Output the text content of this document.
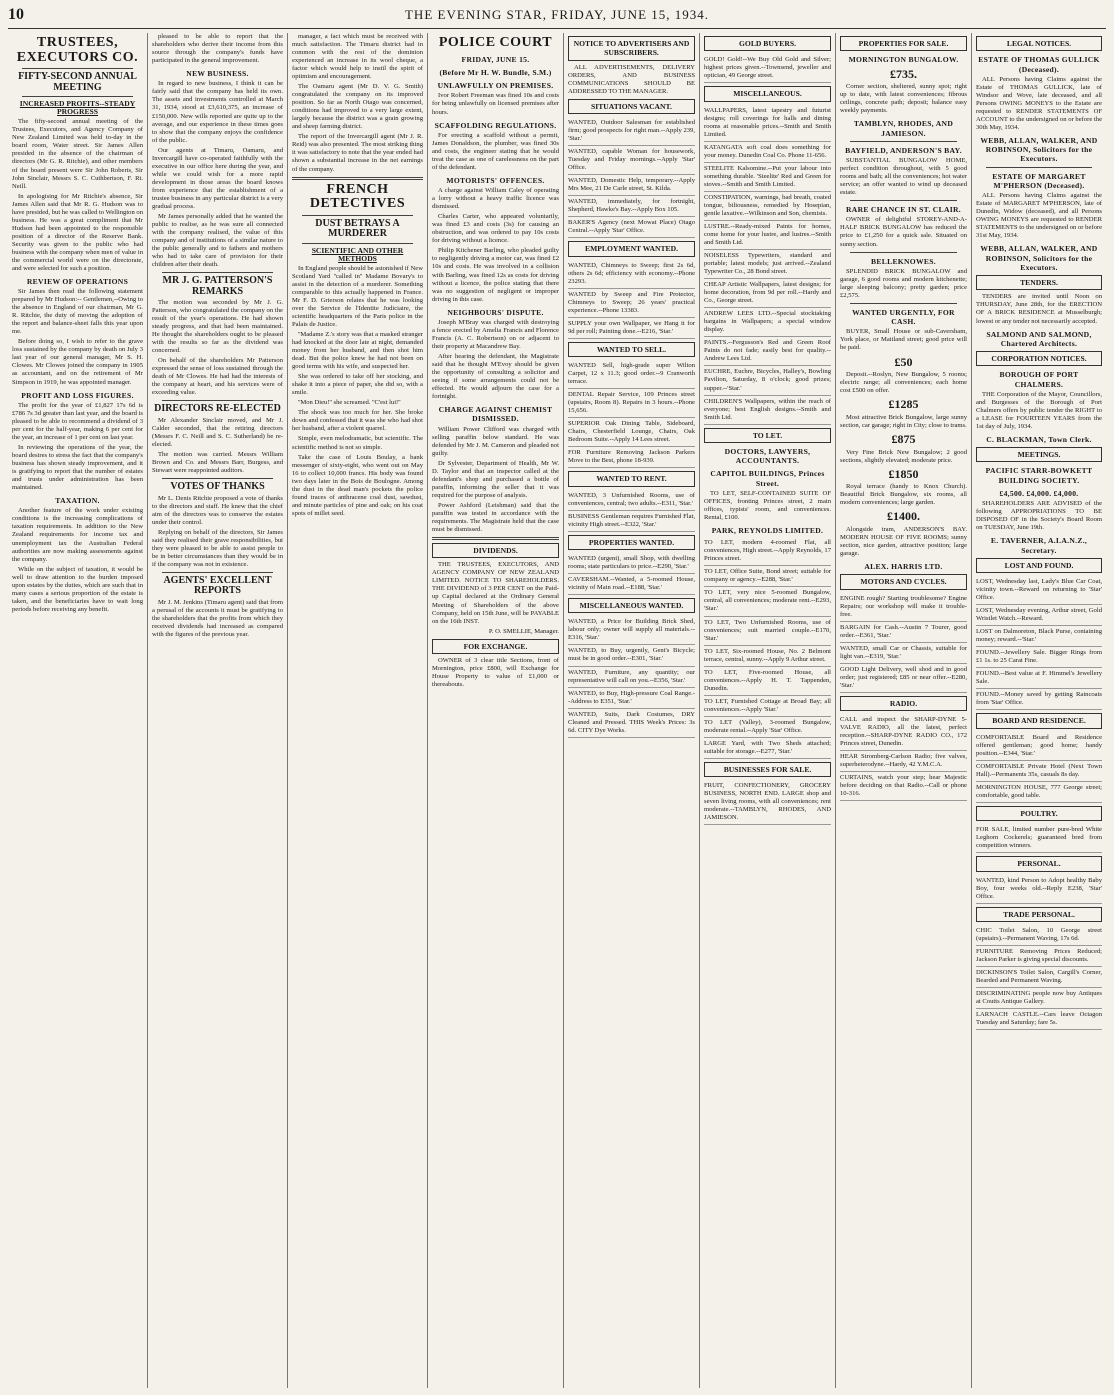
10	THE EVENING STAR, FRIDAY, JUNE 15, 1934.
TRUSTEES, EXECUTORS CO.
FIFTY-SECOND ANNUAL MEETING
INCREASED PROFITS--STEADY PROGRESS

The fifty-second annual meeting of the Trustees, Executors, and Agency Company of New Zealand Limited was held to-day in the board room, Water street. Sir James Allen presided in the absence of the chairman of directors (Mr G. R. Ritchie), and other members of the board present were Sir John Roberts, Sir John Sinclair, Messrs S. C. Cuthbertson, F. Rt. Neill.

In apologising for Mr Ritchie's absence, Sir James Allen said that Mr R. G. Hudson was to have presided, but he was called to Wellington on business. He was a great compliment that Mr Hudson had been appointed to the responsible position of a director of the Reserve Bank. Security was given to the public who had business with the company when men of value in the commercial world were on the directorate, and were selected for such a position.

REVIEW OF OPERATIONS

Sir James then read the following statement prepared by Mr Hudson:-- Gentlemen,--Owing to the absence in England of our chairman, Mr G. R. Ritchie, the duty of moving the adoption of the report and balance-sheet falls this year upon me.

Before doing so, I wish to refer to the grave loss sustained by the company by death on July 3 last year of our general manager, Mr S. H. Clowes. Mr Clowes joined the company in 1905 as accountant, and on the retirement of Mr Simpson in 1919, he was appointed manager.

PROFIT AND LOSS FIGURES.

The profit for the year of £1,827 17s 6d is £786 7s 3d greater than last year, and the board is pleased to be able to recommend a dividend of 3 per cent for the half-year, making 6 per cent for the year, an increase of 1 per cent on last year.

In reviewing the operations of the year, the board desires to stress the fact that the company's business has shown steady improvement, and it is gratifying to report that the number of estates and trusts under administration has been maintained.

TAXATION.

Another feature of the work under existing conditions is the increasing complications of taxation requirements. In addition to the New Zealand requirements for income tax and unemployment tax the Australian Federal authorities are now making assessments against the company.

While on the subject of taxation, it would be well to draw attention to the burden imposed upon estates by the duties, which are such that in many cases a serious proportion of the estate is taken, and the beneficiaries have to wait long periods before receiving any benefit.

pleased to be able to report that the shareholders who derive their income from this source through the company's funds have participated in the general improvement.

NEW BUSINESS.

In regard to new business, I think it can be fairly said that the company has held its own. The assets and investments controlled at March 31, 1934, stood at £3,610,375, an increase of £150,000. New wills reported are quite up to the average, and our experience in these times goes to show that the company enjoys the confidence of the public.

Our agents at Timaru, Oamaru, and Invercargill have co-operated faithfully with the executive in our office here during the year, and while we could wish for a more rapid development in those areas the board knows from experience that the establishment of a trustee business in any particular district is a very gradual process.

Mr James personally added that he wanted the public to realise, as he was sure all connected with the company realised, the value of this company and of institutions of a similar nature to the public generally and to fathers and mothers who had to take care of provision for their children after their death.

MR J. G. PATTERSON'S REMARKS

The motion was seconded by Mr J. G. Patterson, who congratulated the company on the result of the year's operations. He had shown steady progress, and that had been maintained. He thought the shareholders ought to be pleased with the results so far as the dividend was concerned.

On behalf of the shareholders Mr Patterson expressed the sense of loss sustained through the death of Mr Clowes. He had had the interests of the company at heart, and his services were of exceeding value.

DIRECTORS RE-ELECTED

Mr Alexander Sinclair moved, and Mr J. Calder seconded, that the retiring directors (Messrs F. C. Neill and S. C. Sutherland) be re-elected.

The motion was carried. Messrs William Brown and Co. and Messrs Barr, Burgess, and Stewart were reappointed auditors.

VOTES OF THANKS

Mr L. Denis Ritchie proposed a vote of thanks to the directors and staff. He knew that the chief aim of the directors was to conserve the estates under their control.

Replying on behalf of the directors, Sir James said they realised their grave responsibilities, but they were pleased to be able to assist people to be in better circumstances than they would be in if the company was not in existence.

AGENTS' EXCELLENT REPORTS

Mr J. M. Jenkins (Timaru agent) said that from a perusal of the accounts it must be gratifying to the shareholders that the profits from which they received dividends had increased as compared with the figures of the previous year.

manager, a fact which must be received with much satisfaction. The Timaru district had in common with the rest of the dominion experienced an increase in its wool cheque, a factor which would help to instil the spirit of optimism and encouragement.

The Oamaru agent (Mr D. V. G. Smith) congratulated the company on its improved position. So far as North Otago was concerned, conditions had improved to a very large extent, largely because the district was a grain growing and sheep farming district.

The report of the Invercargill agent (Mr J. R. Reid) was also presented. The most striking thing it was satisfactory to note that the year ended had shown a substantial increase in the net earnings of the company.

FRENCH DETECTIVES
DUST BETRAYS A MURDERER
SCIENTIFIC AND OTHER METHODS

In England people should be astonished if New Scotland Yard ''called in'' Madame Bovary's to assist in the detection of a murderer. Something comparable to this actually happened in France. Mr F. D. Grierson relates that he was looking over the Service de l'Identite Judiciaire, the scientific headquarters of the Paris police in the Palais de Justice.

''Madame Z.'s story was that a masked stranger had knocked at the door late at night, demanded money from her husband, and then shot him dead. But the police knew he had not been on good terms with his wife, and suspected her.

She was ordered to take off her stocking, and shake it into a piece of paper, she did so, with a smile.

''Mon Dieu!'' she screamed. ''C'est lui!''

The shock was too much for her. She broke down and confessed that it was she who had shot her husband, after a violent quarrel.

Simple, even melodramatic, but scientific. The scientific method is not so simple.

Take the case of Louis Boulay, a bank messenger of sixty-eight, who went out on May 16 to collect 10,000 francs. His body was found two days later in the Bois de Boulogne. Among the dust in the dead man's pockets the police found traces of anthracene coal dust, sawdust, and minute particles of pine and oak; on his coat spots of millet seed.

POLICE COURT
FRIDAY, JUNE 15.
(Before Mr H. W. Bundle, S.M.)
UNLAWFULLY ON PREMISES.

Ivor Robert Freeman was fined 10s and costs for being unlawfully on licensed premises after hours.

SCAFFOLDING REGULATIONS.

For erecting a scaffold without a permit, James Donaldson, the plumber, was fined 30s and costs, the engineer stating that he would treat the case as one of carelessness on the part of the defendant.

MOTORISTS' OFFENCES.

A charge against William Caley of operating a lorry without a heavy traffic licence was dismissed.

Charles Carter, who appeared voluntarily, was fined £3 and costs (3s) for causing an obstruction, and was ordered to pay 10s costs for driving without a licence.

Philip Kitchener Barling, who pleaded guilty to negligently driving a motor car, was fined £2 10s and costs. He was involved in a collision with Barling, was fined 12s as costs for driving without a licence, the police stating that there was no suggestion of negligent or improper driving in this case.

NEIGHBOURS' DISPUTE.

Joseph M'Bray was charged with destroying a fence erected by Amelia Francis and Florence Francis (A. C. Robertson) on or adjacent to their property at Macandrew Bay.

After hearing the defendant, the Magistrate said that he thought M'Evoy should be given the opportunity of consulting a solicitor and seeing if some arrangements could not be effected. He would adjourn the case for a fortnight.

CHARGE AGAINST CHEMIST DISMISSED.

William Power Clifford was charged with selling paraffin below standard. He was defended by Mr J. M. Cameron and pleaded not guilty.

Dr Sylvester, Department of Health, Mr W. D. Taylor and that an inspector called at the defendant's shop and purchased a bottle of paraffin, informing the seller that it was required for the purpose of analysis.

Power Ashford (Leishman) said that the paraffin was tested in accordance with the requirements. The Magistrate held that the case must be dismissed.

DIVIDENDS.

THE TRUSTEES, EXECUTORS, AND AGENCY COMPANY OF NEW ZEALAND LIMITED. NOTICE TO SHAREHOLDERS. THE DIVIDEND of 3 PER CENT on the Paid-up Capital declared at the Ordinary General Meeting of Shareholders of the above Company, held on 15th June, will be PAYABLE on the 16th INST.

P. O. SMELLIE, Manager.

FOR EXCHANGE.

OWNER of 3 clear title Sections, front of Mornington, price £800, will Exchange for House Property to value of £1,000 or thereabouts.

NOTICE TO ADVERTISERS AND SUBSCRIBERS.

ALL ADVERTISEMENTS, DELIVERY ORDERS, AND BUSINESS COMMUNICATIONS SHOULD BE ADDRESSED TO THE MANAGER.

SITUATIONS VACANT.

WANTED, Outdoor Salesman for established firm; good prospects for right man.--Apply 239, 'Star.'

WANTED, capable Woman for housework, Tuesday and Friday mornings.--Apply 'Star' Office.

WANTED, Domestic Help, temporary.--Apply Mrs Mee, 21 De Carle street, St. Kilda.

WANTED, immediately, for fortnight, Shepherd, Hawke's Bay.--Apply Box 105.

BAKER'S Agency (next Mowat Place) Otago Central.--Apply 'Star' Office.

EMPLOYMENT WANTED.

WANTED, Chimneys to Sweep; first 2s 6d, others 2s 6d; efficiency with economy.--Phone 23293.

WANTED by Sweep and Fire Protector, Chimneys to Sweep; 26 years' practical experience.--Phone 13383.

SUPPLY your own Wallpaper, we Hang it for 9d per roll; Painting done.--E216, 'Star.'

WANTED TO SELL.

WANTED Sell, high-grade super Wilton Carpet, 12 x 11.3; good order.--9 Cranworth terrace.

DENTAL Repair Service, 109 Princes street (upstairs, Room 8). Repairs in 3 hours.--Phone 15,656.

SUPERIOR Oak Dining Table, Sideboard, Chairs, Chesterfield Lounge, Chairs, Oak Bedroom Suite.--Apply 14 Lees street.

FOR Furniture Removing Jackson Parkers Move to the Best, phone 18-939.

WANTED TO RENT.

WANTED, 3 Unfurnished Rooms, use of conveniences, central; two adults.--E311, 'Star.'

BUSINESS Gentleman requires Furnished Flat, vicinity High street.--E322, 'Star.'

PROPERTIES WANTED.

WANTED (urgent), small Shop, with dwelling rooms; state particulars to price.--E290, 'Star.'

CAVERSHAM.--Wanted, a 5-roomed House, vicinity of Main road.--E188, 'Star.'

MISCELLANEOUS WANTED.

WANTED, a Price for Building Brick Shed, labour only; owner will supply all materials.--E316, 'Star.'

WANTED, to Buy, urgently, Gent's Bicycle; must be in good order.--E301, 'Star.'

WANTED, Furniture, any quantity; our representative will call on you.--E356, 'Star.'

WANTED, to Buy, High-pressure Coal Range.--Address to E351, 'Star.'

WANTED, Suits, Dark Costumes, DRY Cleaned and Pressed. THIS Week's Prices: 3s 6d. CITY Dye Works.

GOLD BUYERS.

GOLD! Gold!--We Buy Old Gold and Silver; highest prices given.--Townsend, jeweller and optician, 49 George street.

MISCELLANEOUS.

WALLPAPERS, latest tapestry and futurist designs; roll coverings for halls and dining rooms at reasonable prices.--Smith and Smith Limited.

KATANGATA soft coal does something for your money. Dunedin Coal Co. Phone 11-656.

STEELITE Kalsomine.--Put your labour into something durable. 'Steelite' Red and Green for stoves.--Smith and Smith Limited.

CONSTIPATION, warnings, bad breath, coated tongue, biliousness, remedied by Hosepian, gentle laxative.--Wilkinson and Son, chemists.

LUSTRE.--Ready-mixed Paints for homes, come home for your lustre, and lustres.--Smith and Smith Ltd.

NOISELESS Typewriters, standard and portable; latest models; just arrived.--Zealand Typewriter Co., 28 Bond street.

CHEAP Artistic Wallpapers, latest designs; for home decoration, from 9d per roll.--Hardy and Co., George street.

ANDREW LEES LTD.--Special stocktaking bargains in Wallpapers; a special window display.

PAINTS.--Fergusson's Red and Green Roof Paints do not fade; easily best for quality.--Andrew Lees Ltd.

EUCHRE, Euchre, Bicycles, Halley's, Bowling Pavilion, Saturday, 8 o'clock; good prizes; supper.--'Star.'

CHILDREN'S Wallpapers, within the reach of everyone; best English designs.--Smith and Smith Ltd.

TO LET.
DOCTORS, LAWYERS, ACCOUNTANTS.
CAPITOL BUILDINGS, Princes Street.

TO LET, SELF-CONTAINED SUITE OF OFFICES, fronting Princes street, 2 main offices, typists' room, and conveniences. Rental, £100.

PARK, REYNOLDS LIMITED.

TO LET, modern 4-roomed Flat, all conveniences, High street.--Apply Reynolds, 17 Princes street.

TO LET, Office Suite, Bond street; suitable for company or agency.--E288, 'Star.'

TO LET, very nice 5-roomed Bungalow, central, all conveniences; moderate rent.--E293, 'Star.'

TO LET, Two Unfurnished Rooms, use of conveniences; suit married couple.--E170, 'Star.'

TO LET, Six-roomed House, No. 2 Belmont terrace, central, sunny.--Apply 9 Arthur street.

TO LET, Five-roomed House, all conveniences.--Apply H. T. Tappenden, Dunedin.

TO LET, Furnished Cottage at Broad Bay; all conveniences.--Apply 'Star.'

TO LET (Valley), 3-roomed Bungalow, moderate rental.--Apply 'Star' Office.

LARGE Yard, with Two Sheds attached; suitable for storage.--E277, 'Star.'

BUSINESSES FOR SALE.

FRUIT, CONFECTIONERY, GROCERY BUSINESS, NORTH END. LARGE shop and seven living rooms, with all conveniences; rent moderate.--TAMBLYN, RHODES, AND JAMIESON.

PROPERTIES FOR SALE.
MORNINGTON BUNGALOW.
£735.

Corner section, sheltered, sunny spot; right up to date, with latest conveniences; fibrous ceilings, concrete path; deposit; balance easy weekly payments.

TAMBLYN, RHODES, AND JAMIESON.
BAYFIELD, ANDERSON'S BAY.

SUBSTANTIAL BUNGALOW HOME, perfect condition throughout, with 5 good rooms and bath; all the conveniences; hot water service; an offer wanted to wind up deceased estate.

RARE CHANCE IN ST. CLAIR.

OWNER of delightful STOREY-AND-A-HALF BRICK BUNGALOW has reduced the price to £1,250 for a quick sale. Situated on sunny section.

BELLEKNOWES.

SPLENDID BRICK BUNGALOW and garage, 6 good rooms and modern kitchenette; large sleeping balcony; pretty garden; price £2,575.

WANTED URGENTLY, FOR CASH.

BUYER, Small House or sub-Caversham, York place, or Maitland street; good price will be paid.

£50

Deposit.--Roslyn, New Bungalow, 5 rooms; electric range; all conveniences; each home cost £500 on offer.

£1285

Most attractive Brick Bungalow, large sunny section, car garage; right in City; close to trams.

£875

Very Fine Brick New Bungalow; 2 good sections, slightly elevated; moderate price.

£1850

Royal terrace (handy to Knox Church). Beautiful Brick Bungalow, six rooms, all modern conveniences; large garden.

£1400.

Alongside tram, ANDERSON'S BAY. MODERN HOUSE OF FIVE ROOMS; sunny section, nice garden, attractive position; large garage.

ALEX. HARRIS LTD.
MOTORS AND CYCLES.

ENGINE rough? Starting troublesome? Engine Repairs; our workshop will make it trouble-free.

BARGAIN for Cash.--Austin 7 Tourer, good order.--E361, 'Star.'

WANTED, small Car or Chassis, suitable for light van.--E319, 'Star.'

GOOD Light Delivery, well shod and in good order; just registered; £85 or near offer.--E280, 'Star.'

RADIO.

CALL and inspect the SHARP-DYNE 5-VALVE RADIO, all the latest, perfect reception.--SHARP-DYNE RADIO CO., 172 Princes street, Dunedin.

HEAR Stromberg-Carlson Radio; five valves, superheterodyne.--Hardy, 42 Y.M.C.A.

CURTAINS, watch your step; hear Majestic before deciding on that Radio.--Call or phone 10-316.

LEGAL NOTICES.
ESTATE OF THOMAS GULLICK (Deceased).

ALL Persons having Claims against the Estate of THOMAS GULLICK, late of Windsor and Wove, late deceased, and all Persons OWING MONEYS to the Estate are requested to RENDER STATEMENTS OF ACCOUNT to the undersigned on or before the 30th May, 1934.

WEBB, ALLAN, WALKER, AND ROBINSON, Solicitors for the Executors.
ESTATE OF MARGARET M'PHERSON (Deceased).

ALL Persons having Claims against the Estate of MARGARET M'PHERSON, late of Dunedin, Widow (deceased), and all Persons OWING MONEYS are requested to RENDER STATEMENTS to the undersigned on or before 31st May, 1934.

WEBB, ALLAN, WALKER, AND ROBINSON, Solicitors for the Executors.
TENDERS.

TENDERS are invited until Noon on THURSDAY, June 28th, for the ERECTION OF A BRICK RESIDENCE at Musselburgh; lowest or any tender not necessarily accepted.

SALMOND AND SALMOND, Chartered Architects.
CORPORATION NOTICES.
BOROUGH OF PORT CHALMERS.

THE Corporation of the Mayor, Councillors, and Burgesses of the Borough of Port Chalmers offers by public tender the RIGHT to a LEASE for FOURTEEN YEARS from the 1st day of July, 1934.

C. BLACKMAN, Town Clerk.
MEETINGS.
PACIFIC STARR-BOWKETT BUILDING SOCIETY.
£4,500. £4,000. £4,000.

SHAREHOLDERS ARE ADVISED of the following APPROPRIATIONS TO BE DISPOSED OF in the Society's Board Room on TUESDAY, June 19th.

E. TAVERNER, A.I.A.N.Z., Secretary.
LOST AND FOUND.

LOST, Wednesday last, Lady's Blue Car Coat, vicinity town.--Reward on returning to 'Star' Office.

LOST, Wednesday evening, Arthur street, Gold Wristlet Watch.--Reward.

LOST on Dalmoreton, Black Purse, containing money; reward.--'Star.'

FOUND.--Jewellery Sale. Bigger Rings from £1 1s. to 25 Carat Fine.

FOUND.--Best value at F. Himmel's Jewellery Sale.

FOUND.--Money saved by getting Raincoats from 'Star' Office.

BOARD AND RESIDENCE.

COMFORTABLE Board and Residence offered gentleman; good home; handy position.--E344, 'Star.'

COMFORTABLE Private Hotel (Next Town Hall).--Permanents 35s, casuals 8s day.

MORNINGTON HOUSE, 777 George street; comfortable, good table.

POULTRY.

FOR SALE, limited number pure-bred White Leghorn Cockerels; guaranteed bred from competition winners.

PERSONAL.

WANTED, kind Person to Adopt healthy Baby Boy, four weeks old.--Reply E238, 'Star' Office.

TRADE PERSONAL.

CHIC Toilet Salon, 10 George street (upstairs).--Permanent Waving, 17s 6d.

FURNITURE Removing Prices Reduced; Jackson Parker is giving special discounts.

DICKINSON'S Toilet Salon, Cargill's Corner, Bearded and Permanent Waving.

DISCRIMINATING people now buy Antiques at Coutts Antique Gallery.

LARNACH CASTLE.--Cars leave Octagon Tuesday and Saturday; fare 5s.
